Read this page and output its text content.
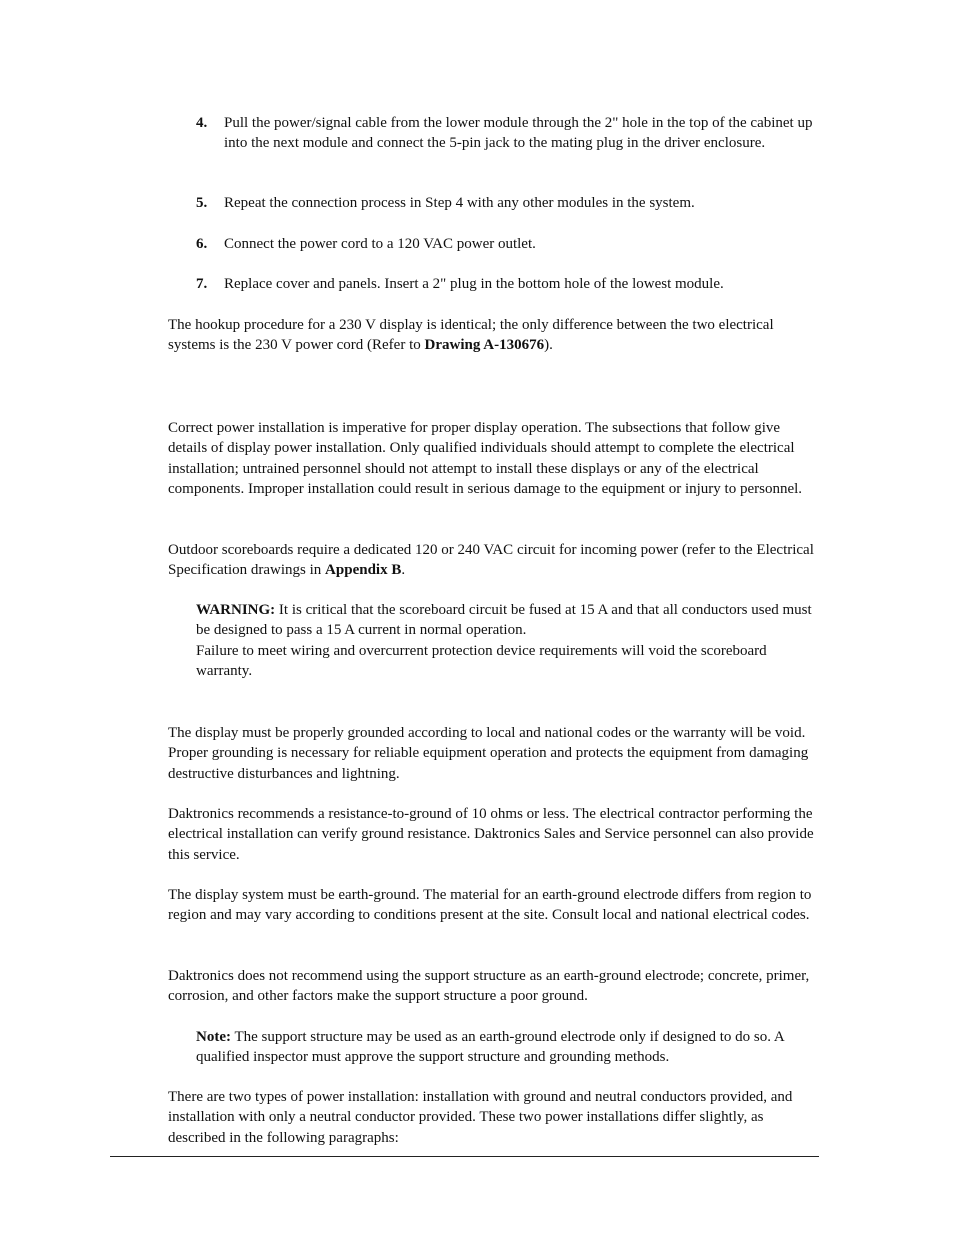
4. Pull the power/signal cable from the lower module through the 2" hole in the top of the cabinet up into the next module and connect the 5-pin jack to the mating plug in the driver enclosure.
5. Repeat the connection process in Step 4 with any other modules in the system.
6. Connect the power cord to a 120 VAC power outlet.
7. Replace cover and panels. Insert a 2" plug in the bottom hole of the lowest module.
The hookup procedure for a 230 V display is identical; the only difference between the two electrical systems is the 230 V power cord (Refer to Drawing A-130676).
Correct power installation is imperative for proper display operation. The subsections that follow give details of display power installation. Only qualified individuals should attempt to complete the electrical installation; untrained personnel should not attempt to install these displays or any of the electrical components. Improper installation could result in serious damage to the equipment or injury to personnel.
Outdoor scoreboards require a dedicated 120 or 240 VAC circuit for incoming power (refer to the Electrical Specification drawings in Appendix B.
WARNING: It is critical that the scoreboard circuit be fused at 15 A and that all conductors used must be designed to pass a 15 A current in normal operation.
Failure to meet wiring and overcurrent protection device requirements will void the scoreboard warranty.
The display must be properly grounded according to local and national codes or the warranty will be void. Proper grounding is necessary for reliable equipment operation and protects the equipment from damaging destructive disturbances and lightning.
Daktronics recommends a resistance-to-ground of 10 ohms or less. The electrical contractor performing the electrical installation can verify ground resistance. Daktronics Sales and Service personnel can also provide this service.
The display system must be earth-ground. The material for an earth-ground electrode differs from region to region and may vary according to conditions present at the site. Consult local and national electrical codes.
Daktronics does not recommend using the support structure as an earth-ground electrode; concrete, primer, corrosion, and other factors make the support structure a poor ground.
Note: The support structure may be used as an earth-ground electrode only if designed to do so. A qualified inspector must approve the support structure and grounding methods.
There are two types of power installation: installation with ground and neutral conductors provided, and installation with only a neutral conductor provided. These two power installations differ slightly, as described in the following paragraphs:
